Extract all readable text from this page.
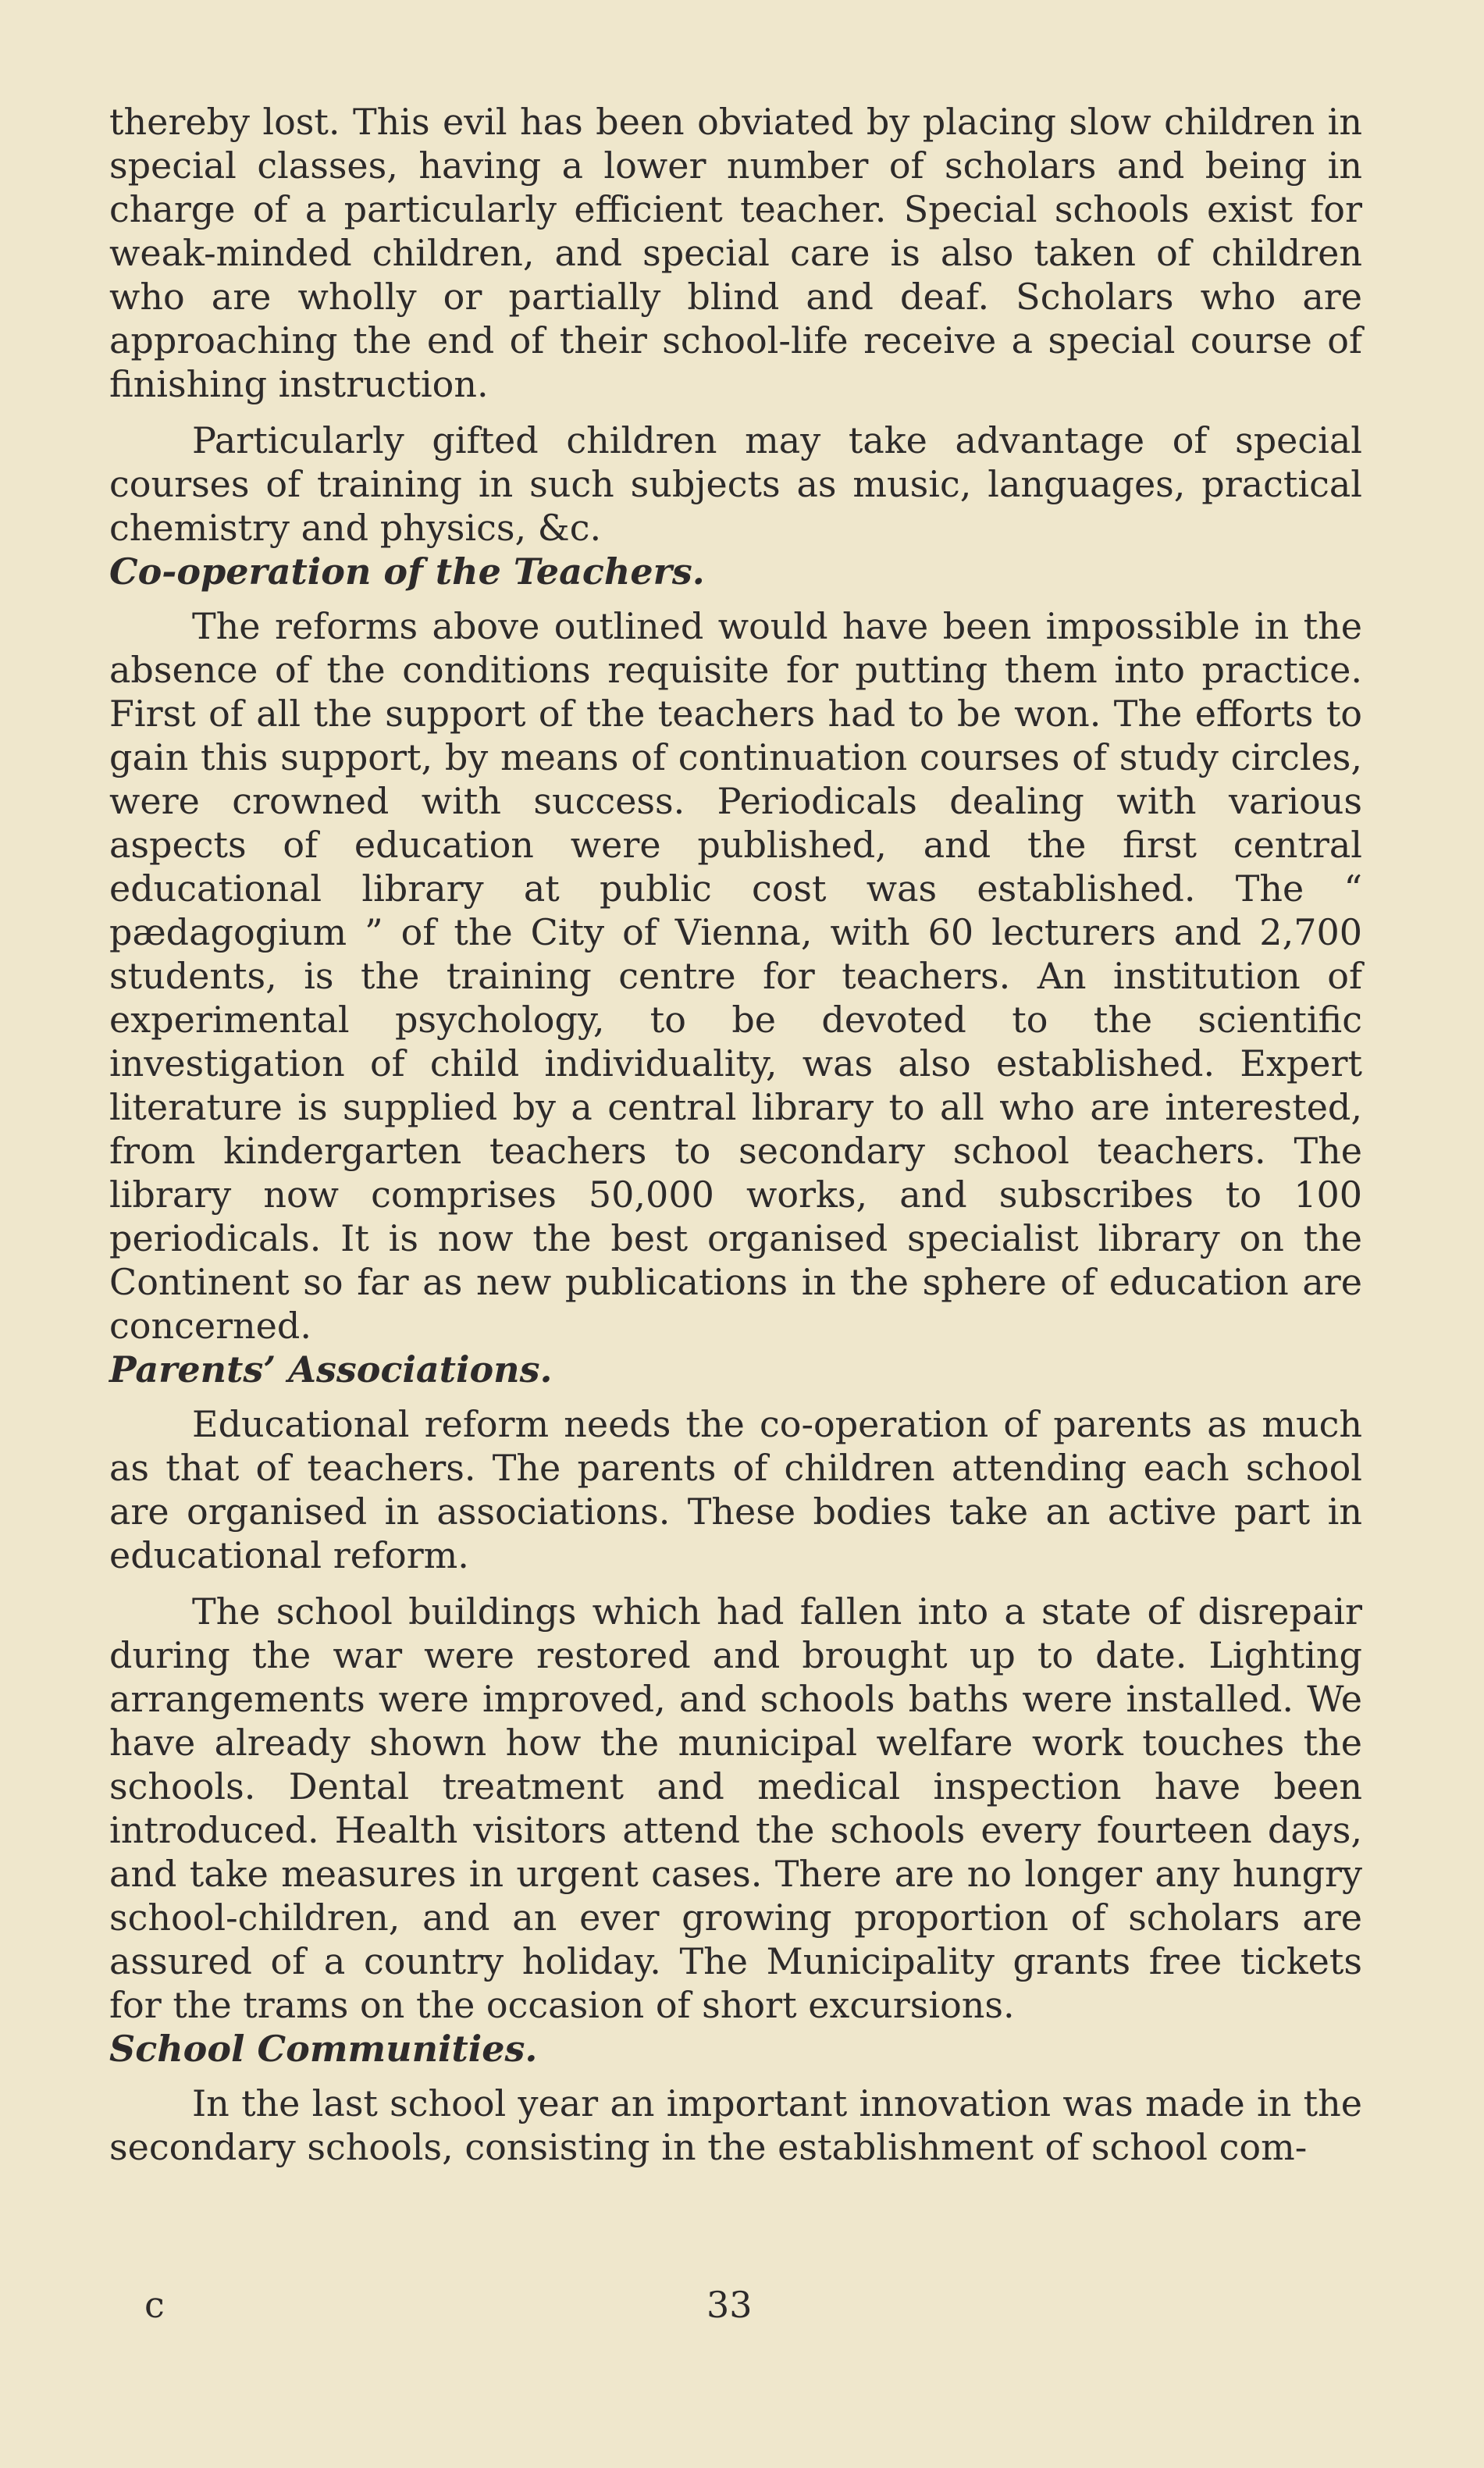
thereby lost. This evil has been obviated by placing slow children in special classes, having a lower number of scholars and being in charge of a particularly efficient teacher. Special schools exist for weak-minded children, and special care is also taken of children who are wholly or partially blind and deaf. Scholars who are approaching the end of their school-life receive a special course of finishing instruction.

Particularly gifted children may take advantage of special courses of training in such subjects as music, languages, practical chemistry and physics, &c.

Co-operation of the Teachers.

The reforms above outlined would have been impossible in the absence of the conditions requisite for putting them into practice. First of all the support of the teachers had to be won. The efforts to gain this support, by means of continuation courses of study circles, were crowned with success. Periodicals dealing with various aspects of education were published, and the first central educational library at public cost was established. The “ pædagogium ” of the City of Vienna, with 60 lecturers and 2,700 students, is the training centre for teachers. An institution of experimental psychology, to be devoted to the scientific investigation of child individuality, was also established. Expert literature is supplied by a central library to all who are interested, from kindergarten teachers to secondary school teachers. The library now comprises 50,000 works, and subscribes to 100 periodicals. It is now the best organised specialist library on the Continent so far as new publications in the sphere of education are concerned.

Parents’ Associations.

Educational reform needs the co-operation of parents as much as that of teachers. The parents of children attending each school are organised in associations. These bodies take an active part in educational reform.

The school buildings which had fallen into a state of disrepair during the war were restored and brought up to date. Lighting arrangements were improved, and schools baths were installed. We have already shown how the municipal welfare work touches the schools. Dental treatment and medical inspection have been introduced. Health visitors attend the schools every fourteen days, and take measures in urgent cases. There are no longer any hungry school-children, and an ever growing proportion of scholars are assured of a country holiday. The Municipality grants free tickets for the trams on the occasion of short excursions.

School Communities.

In the last school year an important innovation was made in the secondary schools, consisting in the establishment of school com-

c	33
